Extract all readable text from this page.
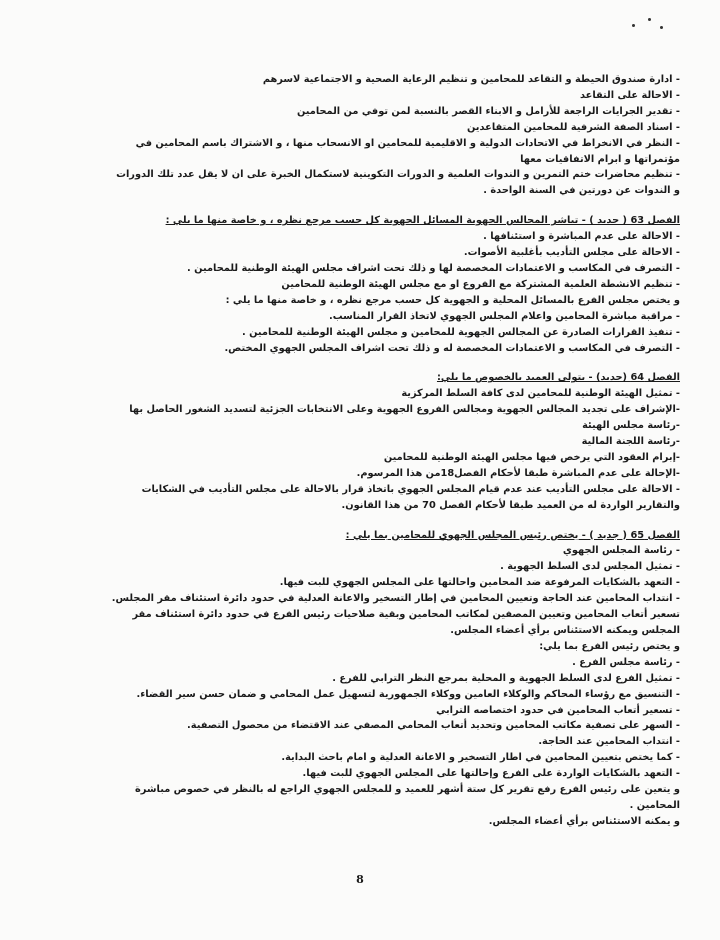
- ادارة صندوق الحيطة و التقاعد للمحامين و تنظيم الرعاية الصحية و الاجتماعية لاسرهم

- الاحالة على التقاعد

- تقدير الجرايات الراجعة للأرامل و الابناء القصر بالنسبة لمن توفي من المحامين

- اسناد الصفة الشرفية للمحامين المتقاعدين

- النظر في الانخراط في الاتحادات الدولية و الاقليمية للمحامين او الانسحاب منها ، و الاشتراك باسم المحامين في

مؤتمراتها و ابرام الاتفاقيات معها

- تنظيم محاضرات ختم التمرين و الندوات العلمية و الدورات التكوينية لاستكمال الخبرة على ان لا يقل عدد تلك الدورات

و الندوات عن دورتين في السنة الواحدة .

الفصل 63 ( جديد ) - تباشر المجالس الجهوية المسائل الجهوية كل حسب مرجع نظره ، و خاصة منها ما يلي :

- الاحالة على عدم المباشرة و استئنافها .

- الاحالة على مجلس التأديب بأغلبية الأصوات.

- التصرف في المكاسب و الاعتمادات المخصصة لها و ذلك تحت اشراف مجلس الهيئة الوطنية للمحامين .

- تنظيم الانشطة العلمية المشتركة مع الفروع او مع مجلس الهيئة الوطنية للمحامين

و يختص مجلس الفرع بالمسائل المحلية و الجهوية كل حسب مرجع نظره ، و خاصة منها ما يلي :

- مراقبة مباشرة المحامين واعلام المجلس الجهوي لاتخاذ القرار المناسب.

- تنفيذ القرارات الصادرة عن المجالس الجهوية للمحامين و مجلس الهيئة الوطنية للمحامين .

- التصرف في المكاسب و الاعتمادات المخصصة له و ذلك تحت اشراف المجلس الجهوي المختص.

الفصل 64 (جديد) - يتولى العميد بالخصوص ما يلي:

- تمثيل الهيئة الوطنية للمحامين لدى كافة السلط المركزية

-الإشراف على تجديد المجالس الجهوية ومجالس الفروع الجهوية وعلى الانتخابات الجزئية لتسديد الشغور الحاصل بها

-رئاسة مجلس الهيئة

-رئاسة اللجنة المالية

-إبرام العقود التي يرخص فيها مجلس الهيئة الوطنية للمحامين

-الإحالة على عدم المباشرة طبقا لأحكام الفصل18من هذا المرسوم.

- الاحالة على مجلس التأديب عند عدم قيام المجلس الجهوي باتخاذ قرار بالاحالة على مجلس التأديب في الشكايات

والتقارير الواردة له من العميد طبقا لأحكام الفصل 70 من هذا القانون.

الفصل 65 ( جديد ) - يختص رئيس المجلس الجهوي للمحامين بما يلي :

- رئاسة المجلس الجهوي

- تمثيل المجلس لدى السلط الجهوية .

- التعهد بالشكايات المرفوعة ضد المحامين واحالتها على المجلس الجهوي للبت فيها.

- انتداب المحامين عند الحاجة وتعيين المحامين في إطار التسخير والاعانة العدلية في حدود دائرة استئناف مقر المجلس.

تسعير أتعاب المحامين وتعيين المصفين لمكاتب المحامين وبقية صلاحيات رئيس الفرع في حدود دائرة استئناف مقر

المجلس ويمكنه الاستئناس برأي أعضاء المجلس.

و يختص رئيس الفرع بما يلي:

- رئاسة مجلس الفرع .

- تمثيل الفرع لدى السلط الجهوية و المحلية بمرجع النظر الترابي للفرع .

- التنسيق مع رؤساء المحاكم والوكلاء العامين ووكلاء الجمهورية لتسهيل عمل المحامي و ضمان حسن سير القضاء.

- تسعير أتعاب المحامين في حدود اختصاصه الترابي

- السهر على تصفية مكاتب المحامين وتحديد أتعاب المحامي المصفي عند الاقتضاء من محصول التصفية.

- انتداب المحامين عند الحاجة.

- كما يختص بتعيين المحامين في اطار التسخير و الاعانة العدلية و امام باحث البداية.

- التعهد بالشكايات الواردة على الفرع وإحالتها على المجلس الجهوي للبت فيها.

و يتعين على رئيس الفرع رفع تقرير كل ستة أشهر للعميد و للمجلس الجهوي الراجع له بالنظر في خصوص مباشرة

المحامين .

و يمكنه الاستئناس برأي أعضاء المجلس.

8
